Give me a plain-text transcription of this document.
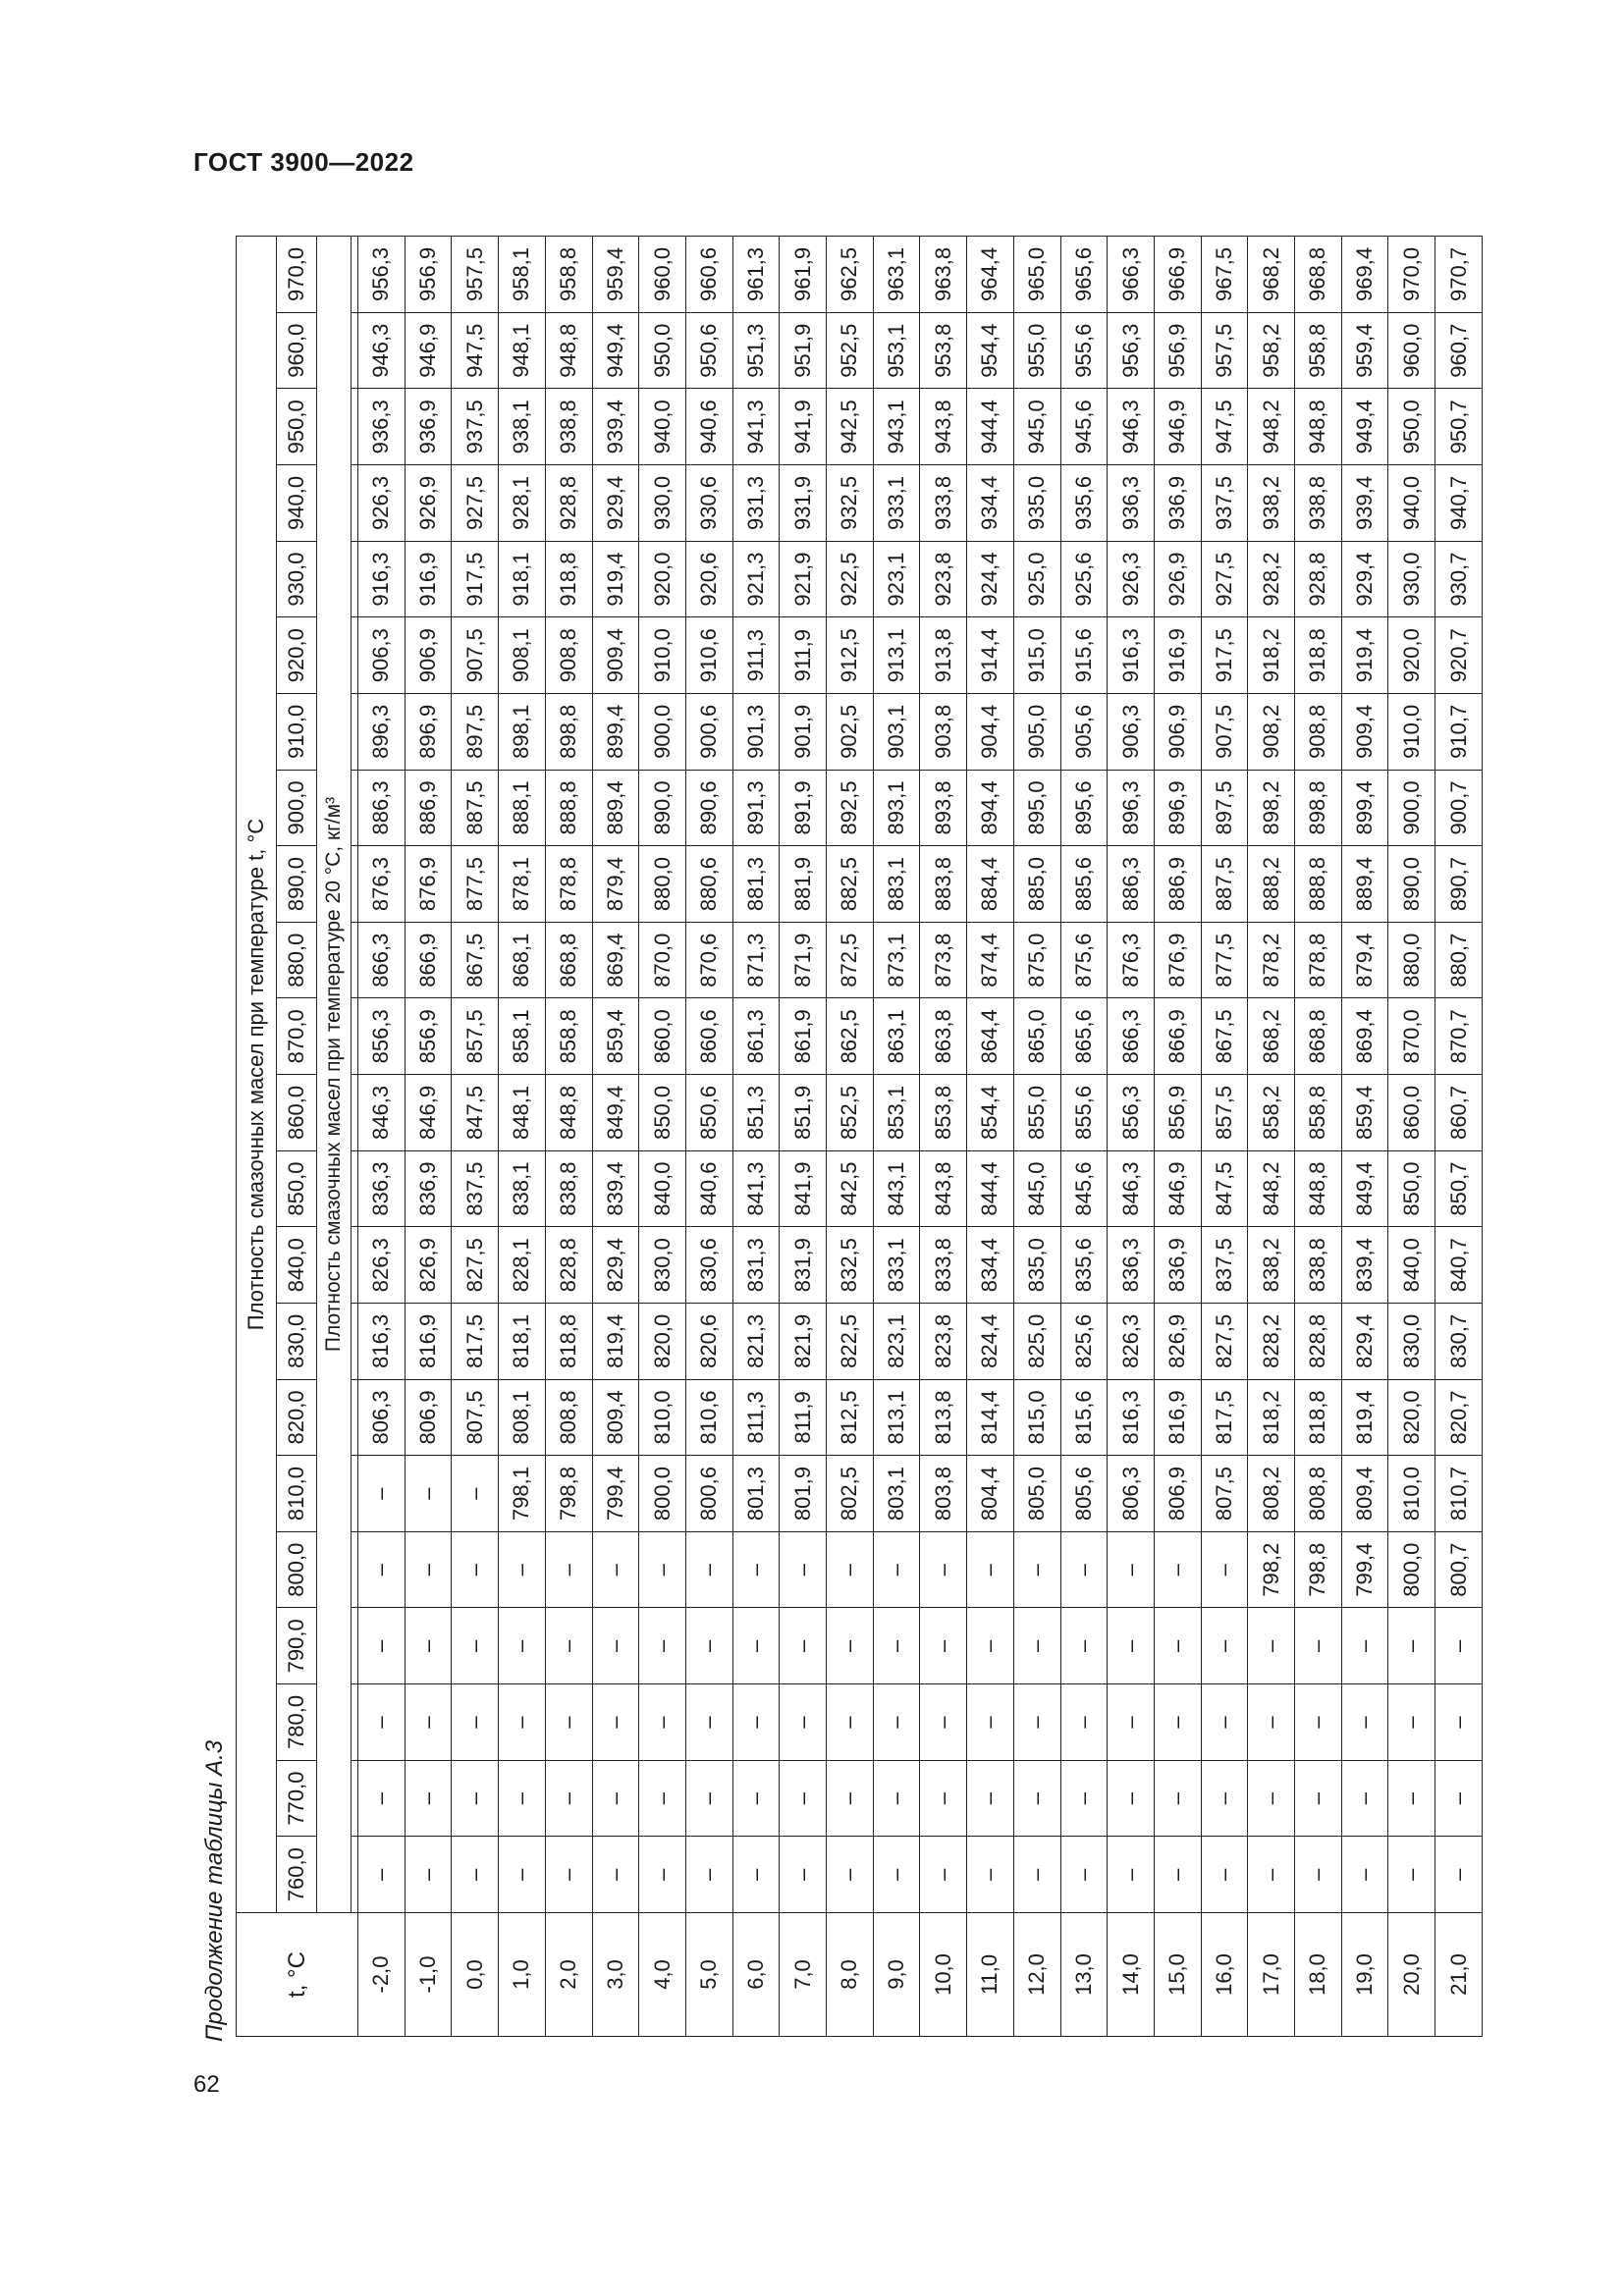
ГОСТ 3900—2022
Продолжение таблицы А.3
62
t, °C	Плотность смазочных масел при температуре t, °C																					
	760,0	770,0	780,0	790,0	800,0	810,0	820,0	830,0	840,0	850,0	860,0	870,0	880,0	890,0	900,0	910,0	920,0	930,0	940,0	950,0	960,0	970,0
	Плотность смазочных масел при температуре 20 °С, кг/м³																					

-2,0	–	–	–	–	–	–	806,3	816,3	826,3	836,3	846,3	856,3	866,3	876,3	886,3	896,3	906,3	916,3	926,3	936,3	946,3	956,3
-1,0	–	–	–	–	–	–	806,9	816,9	826,9	836,9	846,9	856,9	866,9	876,9	886,9	896,9	906,9	916,9	926,9	936,9	946,9	956,9
0,0	–	–	–	–	–	–	807,5	817,5	827,5	837,5	847,5	857,5	867,5	877,5	887,5	897,5	907,5	917,5	927,5	937,5	947,5	957,5
1,0	–	–	–	–	–	798,1	808,1	818,1	828,1	838,1	848,1	858,1	868,1	878,1	888,1	898,1	908,1	918,1	928,1	938,1	948,1	958,1
2,0	–	–	–	–	–	798,8	808,8	818,8	828,8	838,8	848,8	858,8	868,8	878,8	888,8	898,8	908,8	918,8	928,8	938,8	948,8	958,8
3,0	–	–	–	–	–	799,4	809,4	819,4	829,4	839,4	849,4	859,4	869,4	879,4	889,4	899,4	909,4	919,4	929,4	939,4	949,4	959,4
4,0	–	–	–	–	–	800,0	810,0	820,0	830,0	840,0	850,0	860,0	870,0	880,0	890,0	900,0	910,0	920,0	930,0	940,0	950,0	960,0
5,0	–	–	–	–	–	800,6	810,6	820,6	830,6	840,6	850,6	860,6	870,6	880,6	890,6	900,6	910,6	920,6	930,6	940,6	950,6	960,6
6,0	–	–	–	–	–	801,3	811,3	821,3	831,3	841,3	851,3	861,3	871,3	881,3	891,3	901,3	911,3	921,3	931,3	941,3	951,3	961,3
7,0	–	–	–	–	–	801,9	811,9	821,9	831,9	841,9	851,9	861,9	871,9	881,9	891,9	901,9	911,9	921,9	931,9	941,9	951,9	961,9
8,0	–	–	–	–	–	802,5	812,5	822,5	832,5	842,5	852,5	862,5	872,5	882,5	892,5	902,5	912,5	922,5	932,5	942,5	952,5	962,5
9,0	–	–	–	–	–	803,1	813,1	823,1	833,1	843,1	853,1	863,1	873,1	883,1	893,1	903,1	913,1	923,1	933,1	943,1	953,1	963,1
10,0	–	–	–	–	–	803,8	813,8	823,8	833,8	843,8	853,8	863,8	873,8	883,8	893,8	903,8	913,8	923,8	933,8	943,8	953,8	963,8
11,0	–	–	–	–	–	804,4	814,4	824,4	834,4	844,4	854,4	864,4	874,4	884,4	894,4	904,4	914,4	924,4	934,4	944,4	954,4	964,4
12,0	–	–	–	–	–	805,0	815,0	825,0	835,0	845,0	855,0	865,0	875,0	885,0	895,0	905,0	915,0	925,0	935,0	945,0	955,0	965,0
13,0	–	–	–	–	–	805,6	815,6	825,6	835,6	845,6	855,6	865,6	875,6	885,6	895,6	905,6	915,6	925,6	935,6	945,6	955,6	965,6
14,0	–	–	–	–	–	806,3	816,3	826,3	836,3	846,3	856,3	866,3	876,3	886,3	896,3	906,3	916,3	926,3	936,3	946,3	956,3	966,3
15,0	–	–	–	–	–	806,9	816,9	826,9	836,9	846,9	856,9	866,9	876,9	886,9	896,9	906,9	916,9	926,9	936,9	946,9	956,9	966,9
16,0	–	–	–	–	–	807,5	817,5	827,5	837,5	847,5	857,5	867,5	877,5	887,5	897,5	907,5	917,5	927,5	937,5	947,5	957,5	967,5
17,0	–	–	–	–	798,2	808,2	818,2	828,2	838,2	848,2	858,2	868,2	878,2	888,2	898,2	908,2	918,2	928,2	938,2	948,2	958,2	968,2
18,0	–	–	–	–	798,8	808,8	818,8	828,8	838,8	848,8	858,8	868,8	878,8	888,8	898,8	908,8	918,8	928,8	938,8	948,8	958,8	968,8
19,0	–	–	–	–	799,4	809,4	819,4	829,4	839,4	849,4	859,4	869,4	879,4	889,4	899,4	909,4	919,4	929,4	939,4	949,4	959,4	969,4
20,0	–	–	–	–	800,0	810,0	820,0	830,0	840,0	850,0	860,0	870,0	880,0	890,0	900,0	910,0	920,0	930,0	940,0	950,0	960,0	970,0
21,0	–	–	–	–	800,7	810,7	820,7	830,7	840,7	850,7	860,7	870,7	880,7	890,7	900,7	910,7	920,7	930,7	940,7	950,7	960,7	970,7
